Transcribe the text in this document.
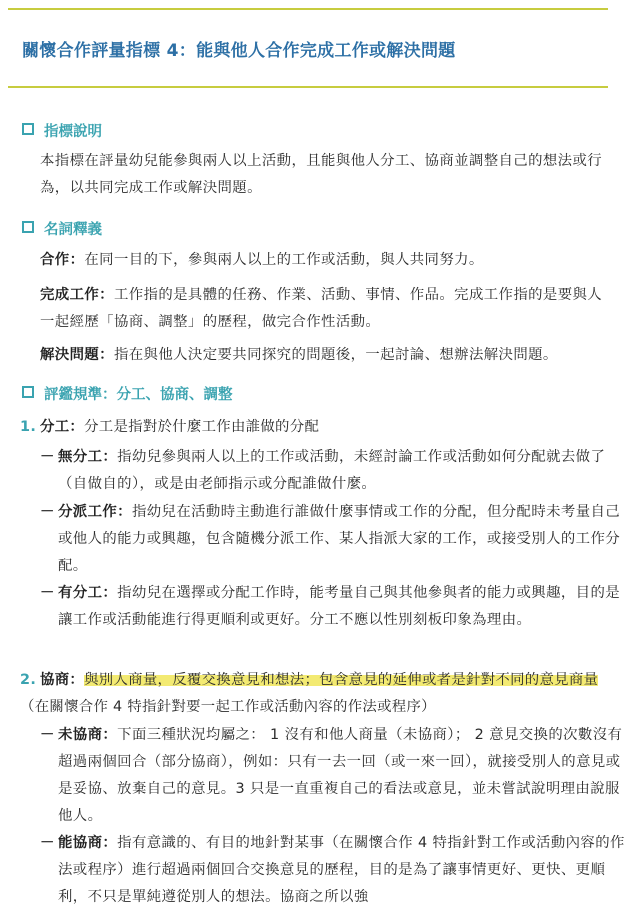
關懷合作評量指標 4：能與他人合作完成工作或解決問題
指標說明
本指標在評量幼兒能參與兩人以上活動，且能與他人分工、協商並調整自己的想法或行為，以共同完成工作或解決問題。
名詞釋義
合作：在同一目的下，參與兩人以上的工作或活動，與人共同努力。
完成工作：工作指的是具體的任務、作業、活動、事情、作品。完成工作指的是要與人一起經歷「協商、調整」的歷程，做完合作性活動。
解決問題：指在與他人決定要共同探究的問題後，一起討論、想辦法解決問題。
評鑑規準：分工、協商、調整
1. 分工：分工是指對於什麼工作由誰做的分配
－ 無分工：指幼兒參與兩人以上的工作或活動，未經討論工作或活動如何分配就去做了（自做自的），或是由老師指示或分配誰做什麼。
－ 分派工作：指幼兒在活動時主動進行誰做什麼事情或工作的分配，但分配時未考量自己或他人的能力或興趣，包含隨機分派工作、某人指派大家的工作，或接受別人的工作分配。
－ 有分工：指幼兒在選擇或分配工作時，能考量自己與其他參與者的能力或興趣，目的是讓工作或活動能進行得更順利或更好。分工不應以性別刻板印象為理由。
2. 協商：與別人商量，反覆交換意見和想法；包含意見的延伸或者是針對不同的意見商量（在關懷合作 4 特指針對要一起工作或活動內容的作法或程序）
－ 未協商：下面三種狀況均屬之： 1 沒有和他人商量（未協商）； 2 意見交換的次數沒有超過兩個回合（部分協商），例如：只有一去一回（或一來一回），就接受別人的意見或是妥協、放棄自己的意見。3 只是一直重複自己的看法或意見，並未嘗試說明理由說服他人。
－ 能協商：指有意識的、有目的地針對某事（在關懷合作 4 特指針對工作或活動內容的作法或程序）進行超過兩個回合交換意見的歷程，目的是為了讓事情更好、更快、更順利，不只是單純遵從別人的想法。協商之所以強
